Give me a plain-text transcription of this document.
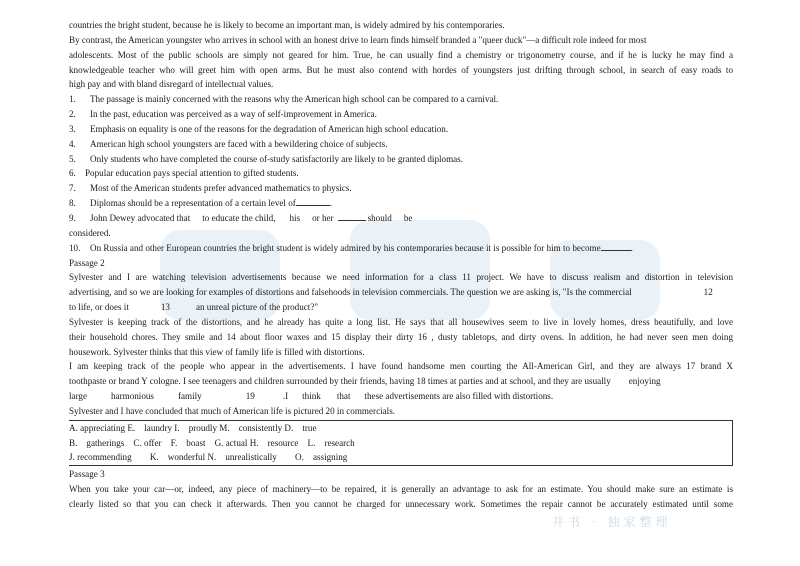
countries the bright student, because he is likely to become an important man, is widely admired by his contemporaries.
By contrast, the American youngster who arrives in school with an honest drive to learn finds himself branded a "queer duck"—a difficult role indeed for most
adolescents. Most of the public schools are simply not geared for him. True, he can usually find a chemistry or trigonometry course, and if he is lucky he may find a
knowledgeable teacher who will greet him with open arms. But he must also contend with hordes of youngsters just drifting through school, in search of easy roads to
high pay and with bland disregard of intellectual values.
1. The passage is mainly concerned with the reasons why the American high school can be compared to a carnival.
2. In the past, education was perceived as a way of self-improvement in America.
3. Emphasis on equality is one of the reasons for the degradation of American high school education.
4. American high school youngsters are faced with a bewildering choice of subjects.
5. Only students who have completed the course of-study satisfactorily are likely to be granted diplomas.
6. Popular education pays special attention to gifted students.
7. Most of the American students prefer advanced mathematics to physics.
8. Diplomas should be a representation of a certain level of	.
9. John Dewey advocated that to educate the child, his or her	should be
considered.
10. On Russia and other European countries the bright student is widely admired by his contemporaries because it is possible for him to become	.
Passage 2
Sylvester and I are watching television advertisements because we need information for a class 11 project. We have to discuss realism and distortion in television
advertising, and so we are looking for examples of distortions and falsehoods in television commercials. The question we are asking is, "Is the commercial	12
to life, or does it	13	an unreal picture of the product?"
Sylvester is keeping track of the distortions, and he already has quite a long list. He says that all housewives seem to live in lovely homes, dress beautifully, and love
their household chores. They smile and 14 about floor waxes and 15 display their dirty 16 , dusty tabletops, and dirty ovens. In addition, he had never seen men doing
housework. Sylvester thinks that this view of family life is filled with distortions.
I am keeping track of the people who appear in the advertisements. I have found handsome men courting the All-American Girl, and they are always 17 brand X
toothpaste or brand Y cologne. I see teenagers and children surrounded by their friends, having 18 times at parties and at school, and they are usually enjoying
large	harmonious	family	19	.I think that these advertisements are also filled with distortions.
Sylvester and I have concluded that much of American life is pictured 20 in commercials.
A. appreciating E.    laundry I.    proudly M.    consistently D.    true
B.    gatherings    C. offer    F.    boast    G. actual H.    resource    L.    research
J. recommending        K.    wonderful N.    unrealistically        O.    assigning
Passage 3
When you take your car—or, indeed, any piece of machinery—to be repaired, it is generally an advantage to ask for an estimate. You should make sure an estimate is
clearly listed so that you can check it afterwards. Then you cannot be charged for unnecessary work. Sometimes the repair cannot be accurately estimated until some
井书 · 独家整理
